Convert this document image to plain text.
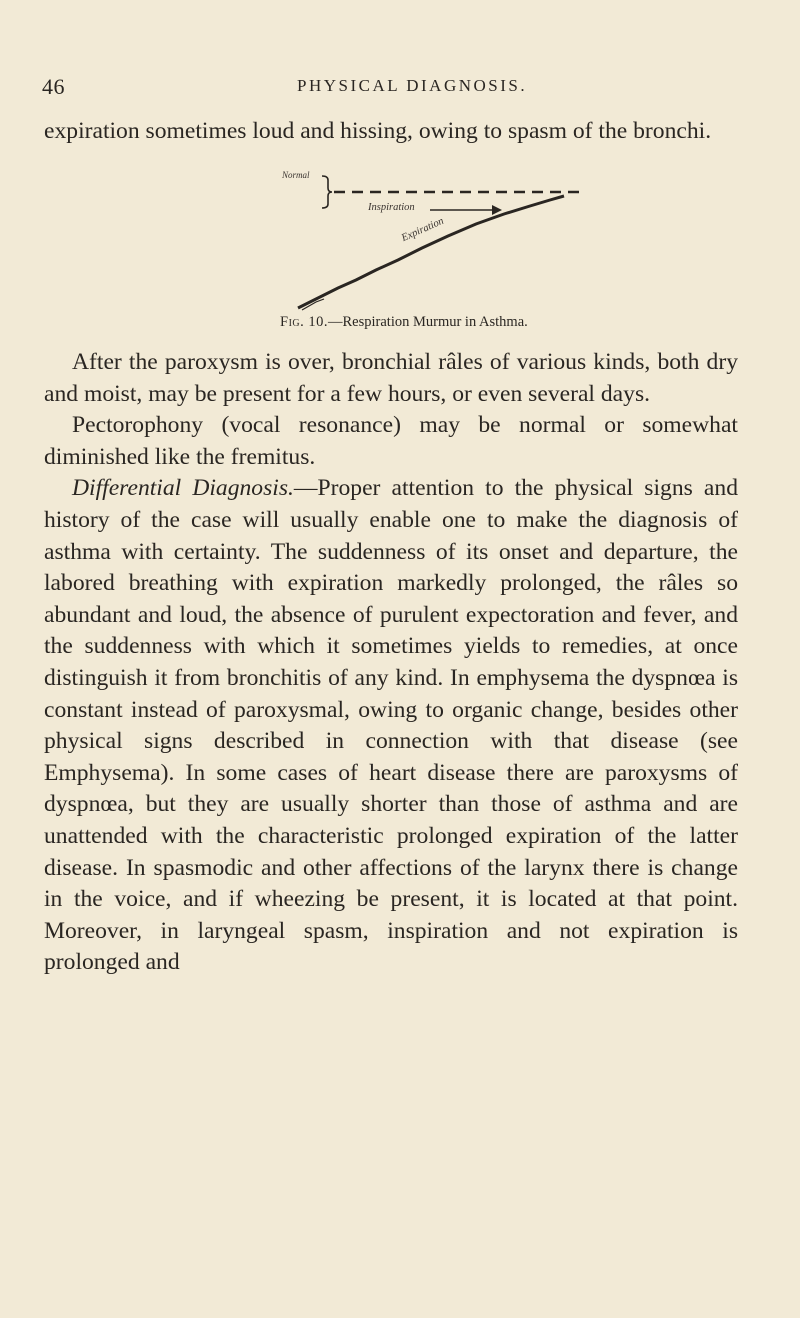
46	PHYSICAL DIAGNOSIS.

expiration sometimes loud and hissing, owing to spasm of the bronchi.

Normal
Inspiration
Expiration
Fig. 10.—Respiration Murmur in Asthma.

After the paroxysm is over, bronchial râles of various kinds, both dry and moist, may be present for a few hours, or even several days.

Pectorophony (vocal resonance) may be normal or somewhat diminished like the fremitus.

Differential Diagnosis.—Proper attention to the physical signs and history of the case will usually enable one to make the diagnosis of asthma with certainty. The suddenness of its onset and departure, the labored breathing with expiration markedly prolonged, the râles so abundant and loud, the absence of purulent expectoration and fever, and the suddenness with which it sometimes yields to remedies, at once distinguish it from bronchitis of any kind. In emphysema the dyspnœa is constant instead of paroxysmal, owing to organic change, besides other physical signs described in connection with that disease (see Emphysema). In some cases of heart disease there are paroxysms of dyspnœa, but they are usually shorter than those of asthma and are unattended with the characteristic prolonged expiration of the latter disease. In spasmodic and other affections of the larynx there is change in the voice, and if wheezing be present, it is located at that point. Moreover, in laryngeal spasm, inspiration and not expiration is prolonged and
